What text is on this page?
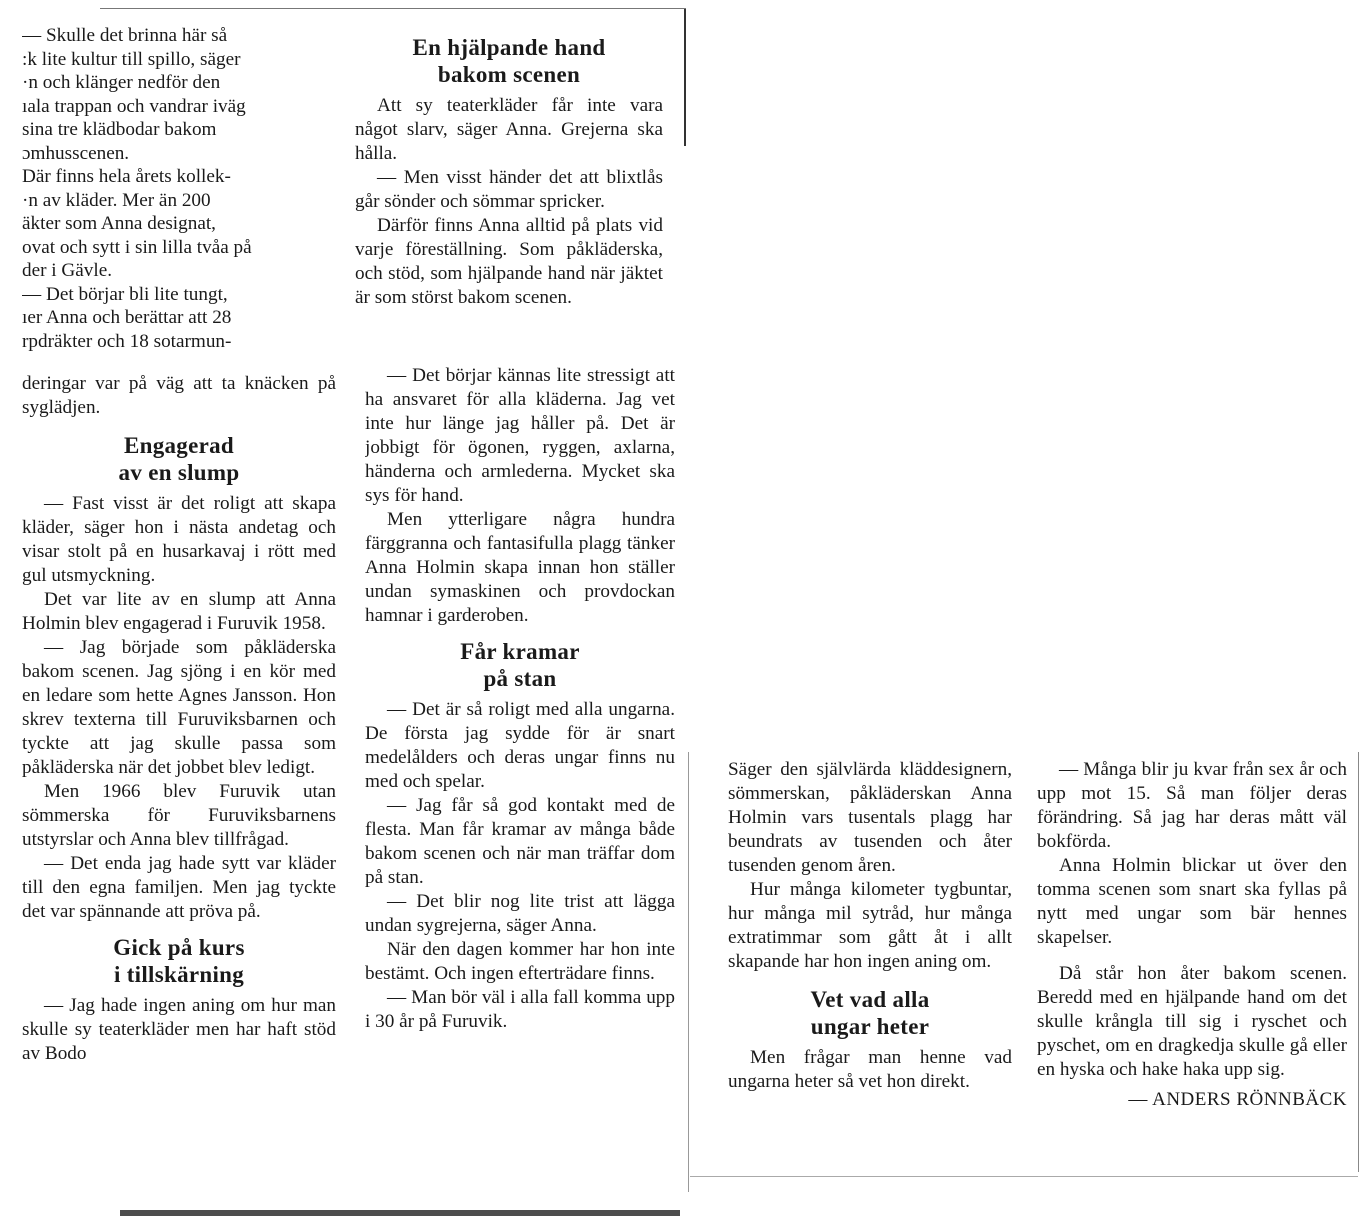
— Skulle det brinna här så
:k lite kultur till spillo, säger
·n och klänger nedför den
ıala trappan och vandrar iväg
sina tre klädbodar bakom
ɔmhusscenen.
Där finns hela årets kollek-
·n av kläder. Mer än 200
äkter som Anna designat,
ovat och sytt i sin lilla tvåa på
der i Gävle.
— Det börjar bli lite tungt,
ıer Anna och berättar att 28
rpdräkter och 18 sotarmun-
En hjälpande hand
bakom scenen

Att sy teaterkläder får inte vara något slarv, säger Anna. Grejerna ska hålla.

— Men visst händer det att blixtlås går sönder och sömmar spricker.

Därför finns Anna alltid på plats vid varje föreställning. Som påkläderska, och stöd, som hjälpande hand när jäktet är som störst bakom scenen.

deringar var på väg att ta knäcken på syglädjen.

Engagerad
av en slump

— Fast visst är det roligt att skapa kläder, säger hon i nästa andetag och visar stolt på en husarkavaj i rött med gul utsmyckning.

Det var lite av en slump att Anna Holmin blev engagerad i Furuvik 1958.

— Jag började som påkläderska bakom scenen. Jag sjöng i en kör med en ledare som hette Agnes Jansson. Hon skrev texterna till Furuviksbarnen och tyckte att jag skulle passa som påkläderska när det jobbet blev ledigt.

Men 1966 blev Furuvik utan sömmerska för Furuviksbarnens utstyrslar och Anna blev tillfrågad.

— Det enda jag hade sytt var kläder till den egna familjen. Men jag tyckte det var spännande att pröva på.

Gick på kurs
i tillskärning

— Jag hade ingen aning om hur man skulle sy teaterkläder men har haft stöd av Bodo

— Det börjar kännas lite stressigt att ha ansvaret för alla kläderna. Jag vet inte hur länge jag håller på. Det är jobbigt för ögonen, ryggen, axlarna, händerna och armlederna. Mycket ska sys för hand.

Men ytterligare några hundra färggranna och fantasifulla plagg tänker Anna Holmin skapa innan hon ställer undan symaskinen och provdockan hamnar i garderoben.

Får kramar
på stan

— Det är så roligt med alla ungarna. De första jag sydde för är snart medelålders och deras ungar finns nu med och spelar.

— Jag får så god kontakt med de flesta. Man får kramar av många både bakom scenen och när man träffar dom på stan.

— Det blir nog lite trist att lägga undan sygrejerna, säger Anna.

När den dagen kommer har hon inte bestämt. Och ingen efterträdare finns.

— Man bör väl i alla fall komma upp i 30 år på Furuvik.

Säger den självlärda kläddesignern, sömmerskan, påkläderskan Anna Holmin vars tusentals plagg har beundrats av tusenden och åter tusenden genom åren.

Hur många kilometer tygbuntar, hur många mil sytråd, hur många extratimmar som gått åt i allt skapande har hon ingen aning om.

Vet vad alla
ungar heter

Men frågar man henne vad ungarna heter så vet hon direkt.

— Många blir ju kvar från sex år och upp mot 15. Så man följer deras förändring. Så jag har deras mått väl bokförda.

Anna Holmin blickar ut över den tomma scenen som snart ska fyllas på nytt med ungar som bär hennes skapelser.

Då står hon åter bakom scenen. Beredd med en hjälpande hand om det skulle krångla till sig i ryschet och pyschet, om en dragkedja skulle gå eller en hyska och hake haka upp sig.

— ANDERS RÖNNBÄCK
